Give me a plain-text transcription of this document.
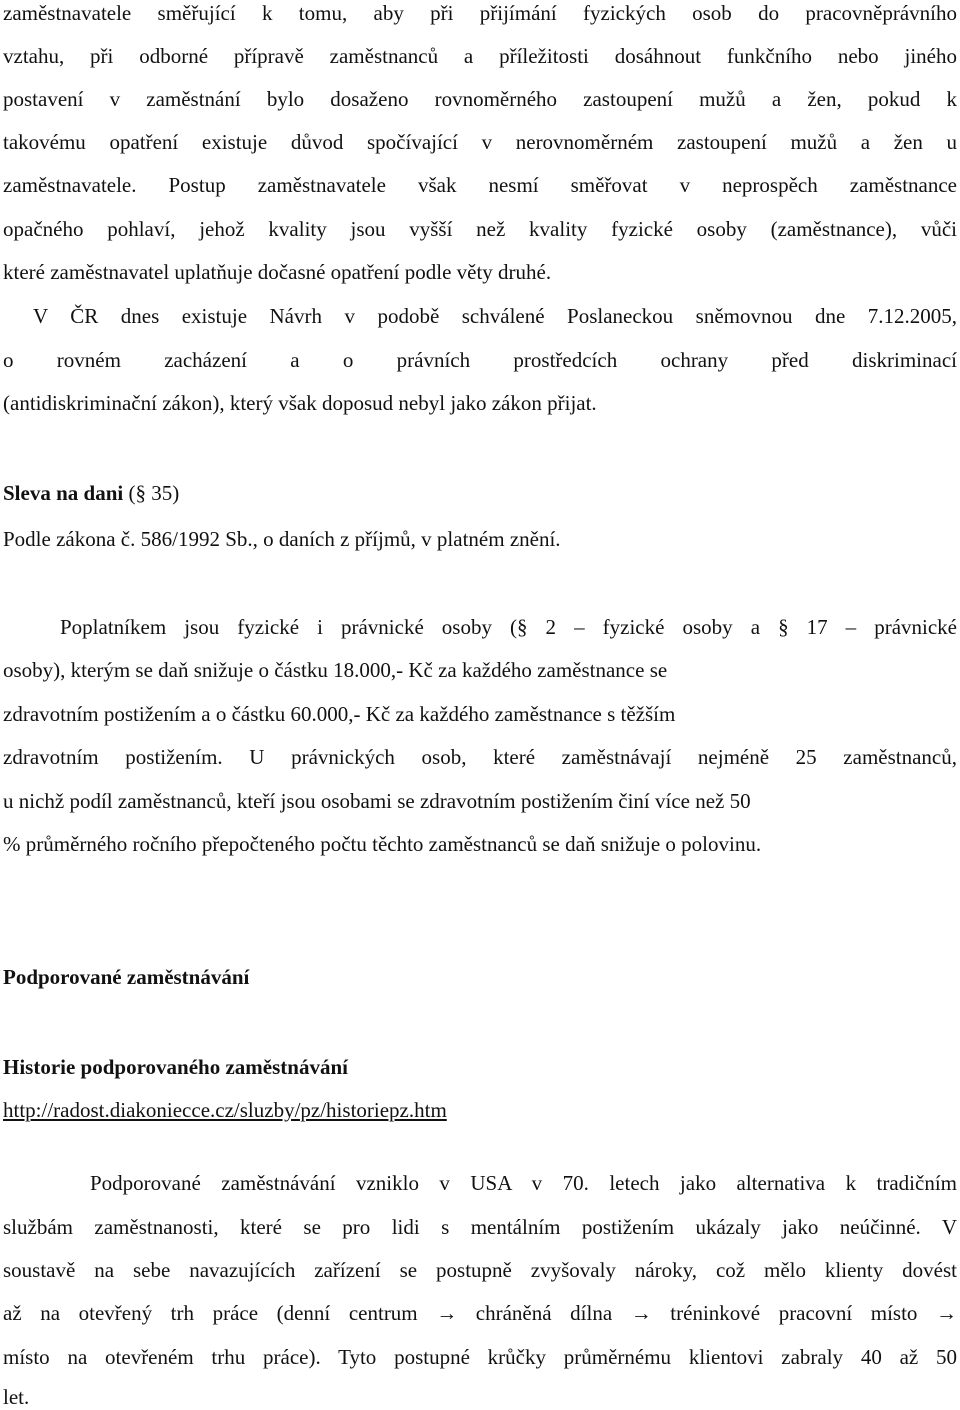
zaměstnavatele směřující k tomu, aby při přijímání fyzických osob do pracovněprávního
vztahu, při odborné přípravě zaměstnanců a příležitosti dosáhnout funkčního nebo jiného
postavení v zaměstnání bylo dosaženo rovnoměrného zastoupení mužů a žen, pokud k
takovému opatření existuje důvod spočívající v nerovnoměrném zastoupení mužů a žen u
zaměstnavatele. Postup zaměstnavatele však nesmí směřovat v neprospěch zaměstnance
opačného pohlaví, jehož kvality jsou vyšší než kvality fyzické osoby (zaměstnance), vůči
které zaměstnavatel uplatňuje dočasné opatření podle věty druhé.
V ČR dnes existuje Návrh v podobě schválené Poslaneckou sněmovnou dne 7.12.2005,
o rovném zacházení a o právních prostředcích ochrany před diskriminací
(antidiskriminační zákon), který však doposud nebyl jako zákon přijat.
Sleva na dani (§ 35)
Podle zákona č. 586/1992 Sb., o daních z příjmů, v platném znění.
Poplatníkem jsou fyzické i právnické osoby (§ 2 – fyzické osoby a § 17 – právnické
osoby), kterým se daň snižuje o částku 18.000,- Kč za každého zaměstnance se
zdravotním postižením a o částku 60.000,- Kč za každého zaměstnance s těžším
zdravotním postižením. U právnických osob, které zaměstnávají nejméně 25 zaměstnanců,
u nichž podíl zaměstnanců, kteří jsou osobami se zdravotním postižením činí více než 50
% průměrného ročního přepočteného počtu těchto zaměstnanců se daň snižuje o polovinu.
Podporované zaměstnávání
Historie podporovaného zaměstnávání
http://radost.diakoniecce.cz/sluzby/pz/historiepz.htm
Podporované zaměstnávání vzniklo v USA v 70. letech jako alternativa k tradičním
službám zaměstnanosti, které se pro lidi s mentálním postižením ukázaly jako neúčinné. V
soustavě na sebe navazujících zařízení se postupně zvyšovaly nároky, což mělo klienty dovést
až na otevřený trh práce (denní centrum → chráněná dílna → tréninkové pracovní místo →
místo na otevřeném trhu práce). Tyto postupné krůčky průměrnému klientovi zabraly 40 až 50
let.
